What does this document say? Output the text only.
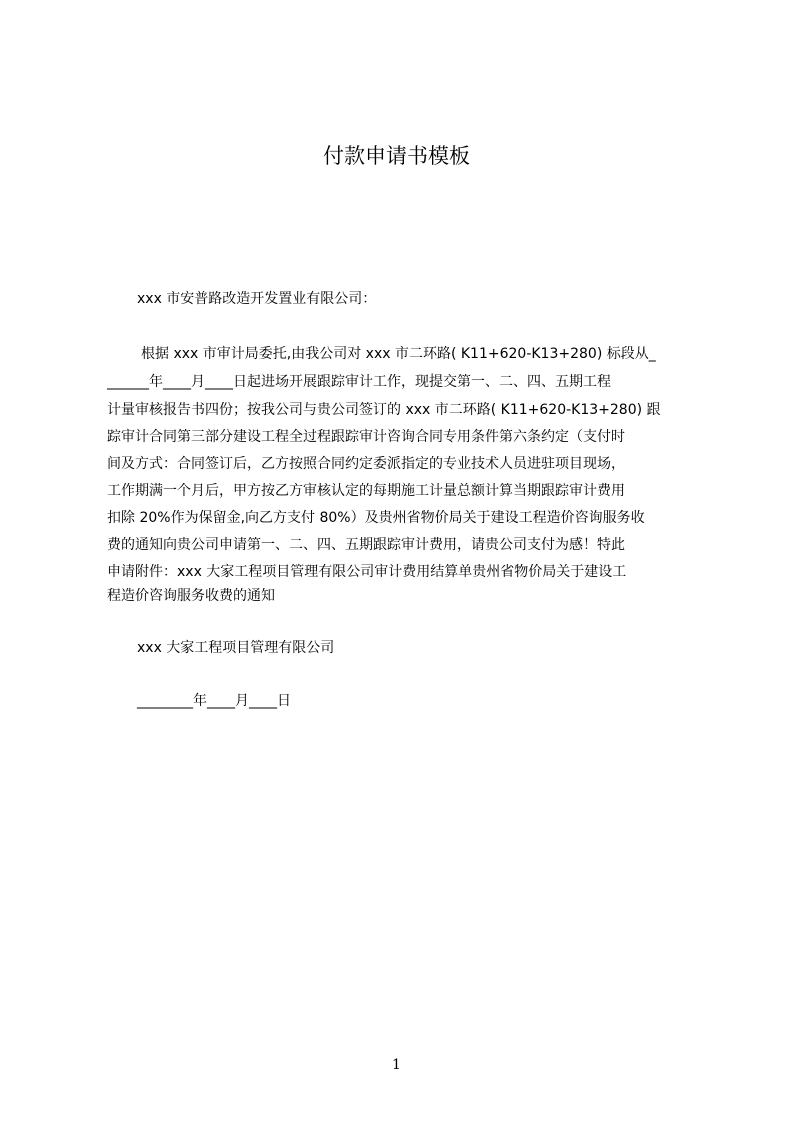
付款申请书模板
xxx 市安普路改造开发置业有限公司：
根据 xxx 市审计局委托,由我公司对 xxx 市二环路( K11+620-K13+280) 标段从_
______年____月____日起进场开展跟踪审计工作，现提交第一、二、四、五期工程
计量审核报告书四份；按我公司与贵公司签订的 xxx 市二环路( K11+620-K13+280) 跟
踪审计合同第三部分建设工程全过程跟踪审计咨询合同专用条件第六条约定（支付时
间及方式：合同签订后，乙方按照合同约定委派指定的专业技术人员进驻项目现场，
工作期满一个月后，甲方按乙方审核认定的每期施工计量总额计算当期跟踪审计费用
扣除 20%作为保留金,向乙方支付 80%）及贵州省物价局关于建设工程造价咨询服务收
费的通知向贵公司申请第一、二、四、五期跟踪审计费用，请贵公司支付为感！特此
申请附件：xxx 大家工程项目管理有限公司审计费用结算单贵州省物价局关于建设工
程造价咨询服务收费的通知
xxx 大家工程项目管理有限公司
________年____月____日
1
